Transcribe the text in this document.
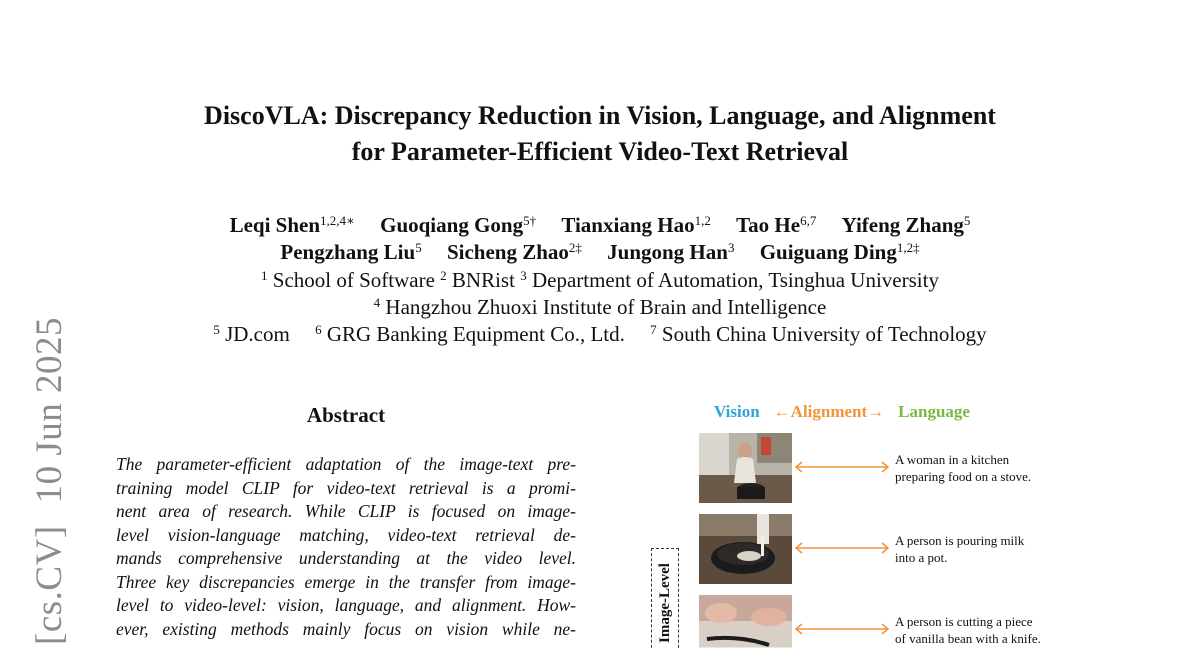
[cs.CV]10 Jun 2025
DiscoVLA: Discrepancy Reduction in Vision, Language, and Alignment
for Parameter-Efficient Video-Text Retrieval
Leqi Shen$^{1,2,4∗}$ Guoqiang Gong$^{5\dagger}$ Tianxiang Hao$^{1,2}$ Tao He$^{6,7}$ Yifeng Zhang$^5$
Pengzhang Liu$^5$ Sicheng Zhao$^{2\ddagger}$ Jungong Han$^3$ Guiguang Ding$^{1,2\ddagger}$
$^1$ School of Software $^2$ BNRist $^3$ Department of Automation, Tsinghua University
$^4$ Hangzhou Zhuoxi Institute of Brain and Intelligence
$^5$ JD.com $^6$ GRG Banking Equipment Co., Ltd. $^7$ South China University of Technology
Abstract
The parameter-efficient adaptation of the image-text pre-
training model CLIP for video-text retrieval is a promi-
nent area of research. While CLIP is focused on image-
level vision-language matching, video-text retrieval de-
mands comprehensive understanding at the video level.
Three key discrepancies emerge in the transfer from image-
level to video-level: vision, language, and alignment. How-
ever, existing methods mainly focus on vision while ne-
Vision ←Alignment→ Language
A woman in a kitchen
preparing food on a stove.
A person is pouring milk
into a pot.
A person is cutting a piece
of vanilla bean with a knife.
Image-Level
